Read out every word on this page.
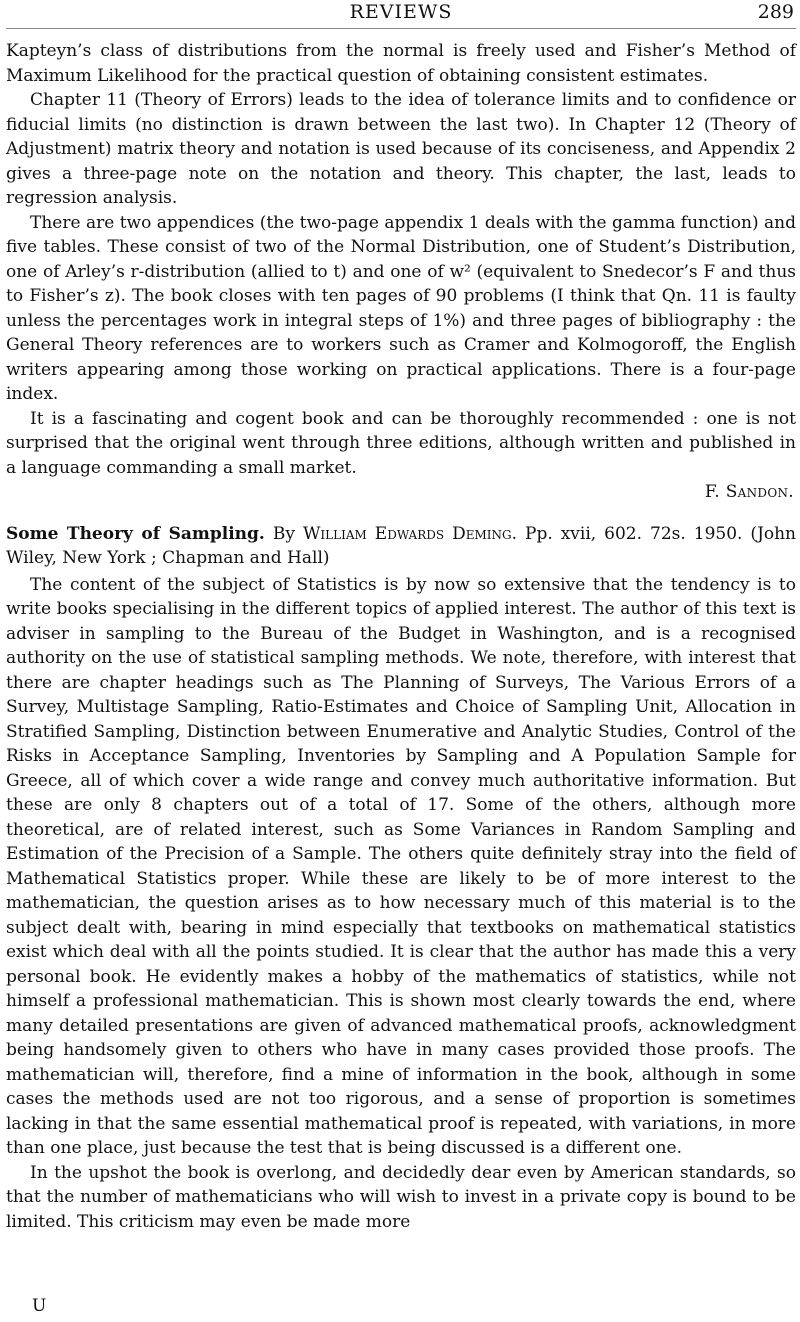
REVIEWS	289

Kapteyn’s class of distributions from the normal is freely used and Fisher’s Method of Maximum Likelihood for the practical question of obtaining consistent estimates.

Chapter 11 (Theory of Errors) leads to the idea of tolerance limits and to confidence or fiducial limits (no distinction is drawn between the last two). In Chapter 12 (Theory of Adjustment) matrix theory and notation is used because of its conciseness, and Appendix 2 gives a three-page note on the notation and theory. This chapter, the last, leads to regression analysis.

There are two appendices (the two-page appendix 1 deals with the gamma function) and five tables. These consist of two of the Normal Distribution, one of Student’s Distribution, one of Arley’s r-distribution (allied to t) and one of w² (equivalent to Snedecor’s F and thus to Fisher’s z). The book closes with ten pages of 90 problems (I think that Qn. 11 is faulty unless the percentages work in integral steps of 1%) and three pages of bibliography : the General Theory references are to workers such as Cramer and Kolmogoroff, the English writers appearing among those working on practical applications. There is a four-page index.

It is a fascinating and cogent book and can be thoroughly recommended : one is not surprised that the original went through three editions, although written and published in a language commanding a small market.

F. Sandon.
Some Theory of Sampling. By William Edwards Deming. Pp. xvii, 602. 72s. 1950. (John Wiley, New York ; Chapman and Hall)

The content of the subject of Statistics is by now so extensive that the tendency is to write books specialising in the different topics of applied interest. The author of this text is adviser in sampling to the Bureau of the Budget in Washington, and is a recognised authority on the use of statistical sampling methods. We note, therefore, with interest that there are chapter headings such as The Planning of Surveys, The Various Errors of a Survey, Multistage Sampling, Ratio-Estimates and Choice of Sampling Unit, Allocation in Stratified Sampling, Distinction between Enumerative and Analytic Studies, Control of the Risks in Acceptance Sampling, Inventories by Sampling and A Population Sample for Greece, all of which cover a wide range and convey much authoritative information. But these are only 8 chapters out of a total of 17. Some of the others, although more theoretical, are of related interest, such as Some Variances in Random Sampling and Estimation of the Precision of a Sample. The others quite definitely stray into the field of Mathematical Statistics proper. While these are likely to be of more interest to the mathematician, the question arises as to how necessary much of this material is to the subject dealt with, bearing in mind especially that textbooks on mathematical statistics exist which deal with all the points studied. It is clear that the author has made this a very personal book. He evidently makes a hobby of the mathematics of statistics, while not himself a professional mathematician. This is shown most clearly towards the end, where many detailed presentations are given of advanced mathematical proofs, acknowledgment being handsomely given to others who have in many cases provided those proofs. The mathematician will, therefore, find a mine of information in the book, although in some cases the methods used are not too rigorous, and a sense of proportion is sometimes lacking in that the same essential mathematical proof is repeated, with variations, in more than one place, just because the test that is being discussed is a different one.

In the upshot the book is overlong, and decidedly dear even by American standards, so that the number of mathematicians who will wish to invest in a private copy is bound to be limited. This criticism may even be made more

U
